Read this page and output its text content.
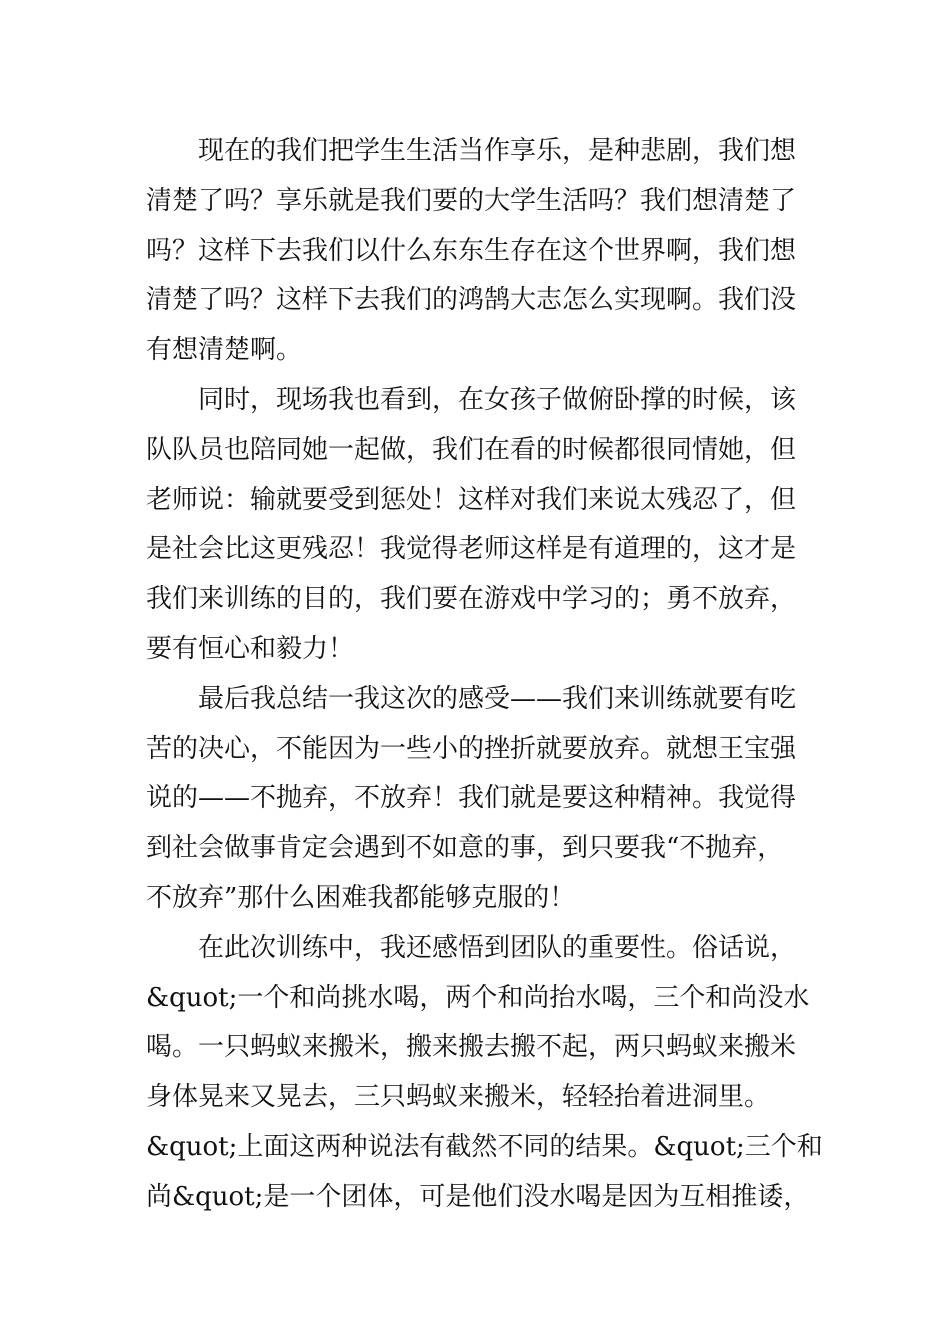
　　现在的我们把学生生活当作享乐，是种悲剧，我们想
清楚了吗？享乐就是我们要的大学生活吗？我们想清楚了
吗？这样下去我们以什么东东生存在这个世界啊，我们想
清楚了吗？这样下去我们的鸿鹄大志怎么实现啊。我们没
有想清楚啊。
　　同时，现场我也看到，在女孩子做俯卧撑的时候，该
队队员也陪同她一起做，我们在看的时候都很同情她，但
老师说：输就要受到惩处！这样对我们来说太残忍了，但
是社会比这更残忍！我觉得老师这样是有道理的，这才是
我们来训练的目的，我们要在游戏中学习的；勇不放弃，
要有恒心和毅力！
　　最后我总结一我这次的感受——我们来训练就要有吃
苦的决心，不能因为一些小的挫折就要放弃。就想王宝强
说的——不抛弃，不放弃！我们就是要这种精神。我觉得
到社会做事肯定会遇到不如意的事，到只要我“不抛弃，
不放弃”那什么困难我都能够克服的！
　　在此次训练中，我还感悟到团队的重要性。俗话说，
&quot;一个和尚挑水喝，两个和尚抬水喝，三个和尚没水
喝。一只蚂蚁来搬米，搬来搬去搬不起，两只蚂蚁来搬米
身体晃来又晃去，三只蚂蚁来搬米，轻轻抬着进洞里。
&quot;上面这两种说法有截然不同的结果。&quot;三个和
尚&quot;是一个团体，可是他们没水喝是因为互相推诿，
